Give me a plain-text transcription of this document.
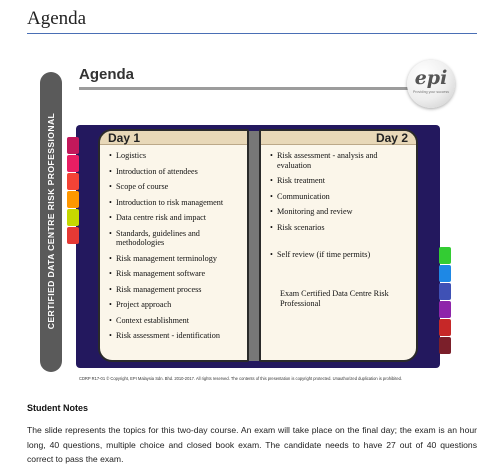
Agenda
CERTIFIED DATA CENTRE RISK PROFESSIONAL
Agenda	epi
Providing your success
Day 1
• Logistics
• Introduction of attendees
• Scope of course
• Introduction to risk management
• Data centre risk and impact
• Standards, guidelines and methodologies
• Risk management terminology
• Risk management software
• Risk management process
• Project approach
• Context establishment
• Risk assessment - identification
Day 2
• Risk assessment - analysis and evaluation
• Risk treatment
• Communication
• Monitoring and review
• Risk scenarios
• Self review (if time permits)
Exam Certified Data Centre Risk Professional
CDRP R17-01 © Copyright, EPI Malaysia Sdn. Bhd. 2010-2017. All rights reserved. The contents of this presentation is copyright protected. Unauthorized duplication is prohibited.
Student Notes
The slide represents the topics for this two-day course. An exam will take place on the final day; the exam is an hour long, 40 questions, multiple choice and closed book exam. The candidate needs to have 27 out of 40 questions correct to pass the exam.
